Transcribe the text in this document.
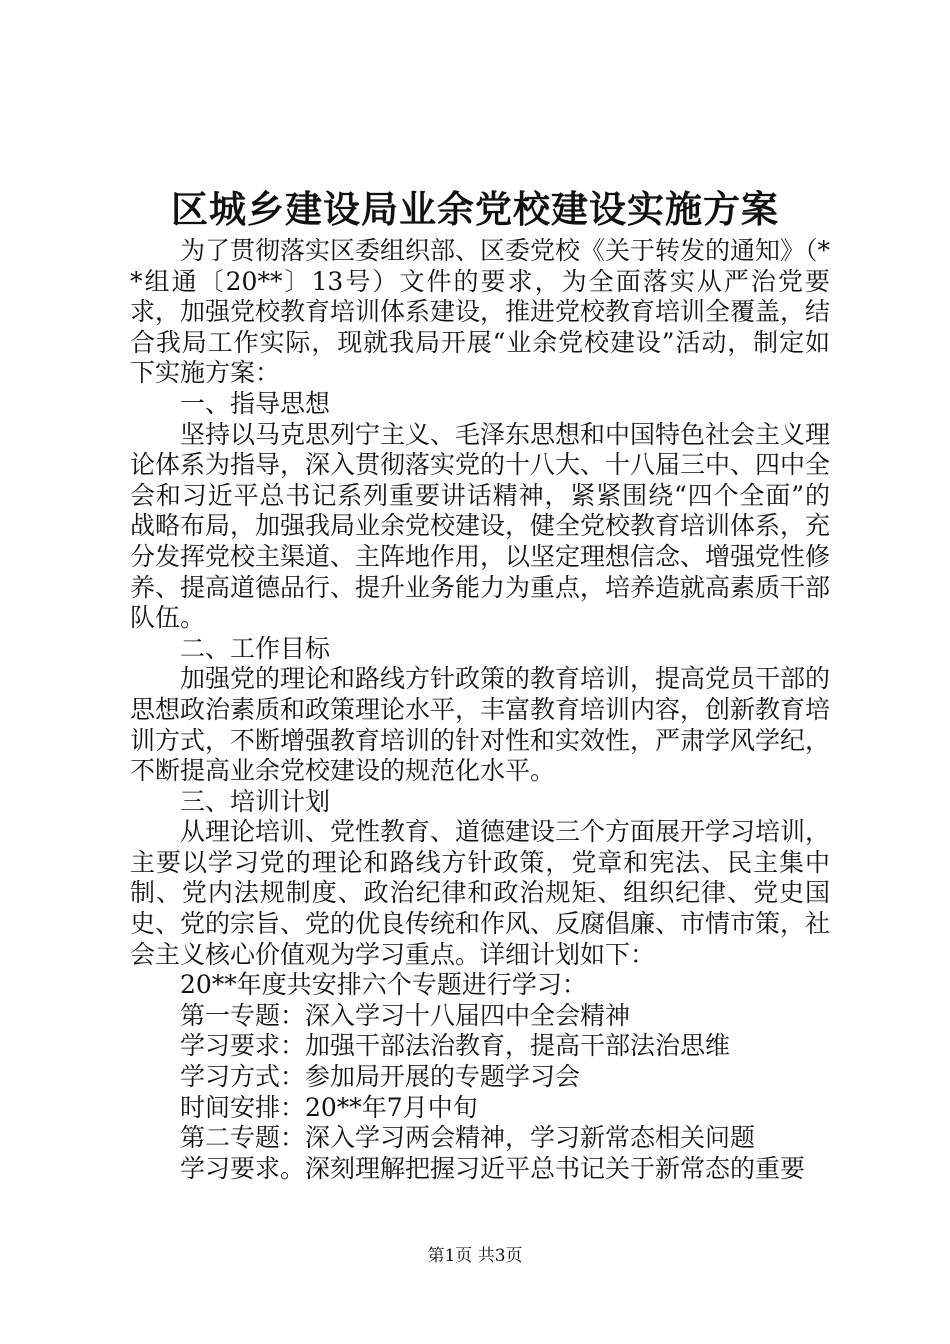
区城乡建设局业余党校建设实施方案

为了贯彻落实区委组织部、区委党校《关于转发的通知》（**组通〔20**〕13号）文件的要求，为全面落实从严治党要求，加强党校教育培训体系建设，推进党校教育培训全覆盖，结合我局工作实际，现就我局开展“业余党校建设”活动，制定如下实施方案：

一、指导思想

坚持以马克思列宁主义、毛泽东思想和中国特色社会主义理论体系为指导，深入贯彻落实党的十八大、十八届三中、四中全会和习近平总书记系列重要讲话精神，紧紧围绕“四个全面”的战略布局，加强我局业余党校建设，健全党校教育培训体系，充分发挥党校主渠道、主阵地作用，以坚定理想信念、增强党性修养、提高道德品行、提升业务能力为重点，培养造就高素质干部队伍。

二、工作目标

加强党的理论和路线方针政策的教育培训，提高党员干部的思想政治素质和政策理论水平，丰富教育培训内容，创新教育培训方式，不断增强教育培训的针对性和实效性，严肃学风学纪，不断提高业余党校建设的规范化水平。

三、培训计划

从理论培训、党性教育、道德建设三个方面展开学习培训，主要以学习党的理论和路线方针政策，党章和宪法、民主集中制、党内法规制度、政治纪律和政治规矩、组织纪律、党史国史、党的宗旨、党的优良传统和作风、反腐倡廉、市情市策，社会主义核心价值观为学习重点。详细计划如下：

20**年度共安排六个专题进行学习：

第一专题：深入学习十八届四中全会精神

学习要求：加强干部法治教育，提高干部法治思维

学习方式：参加局开展的专题学习会

时间安排：20**年7月中旬

第二专题：深入学习两会精神，学习新常态相关问题

学习要求。深刻理解把握习近平总书记关于新常态的重要

第1页 共3页
